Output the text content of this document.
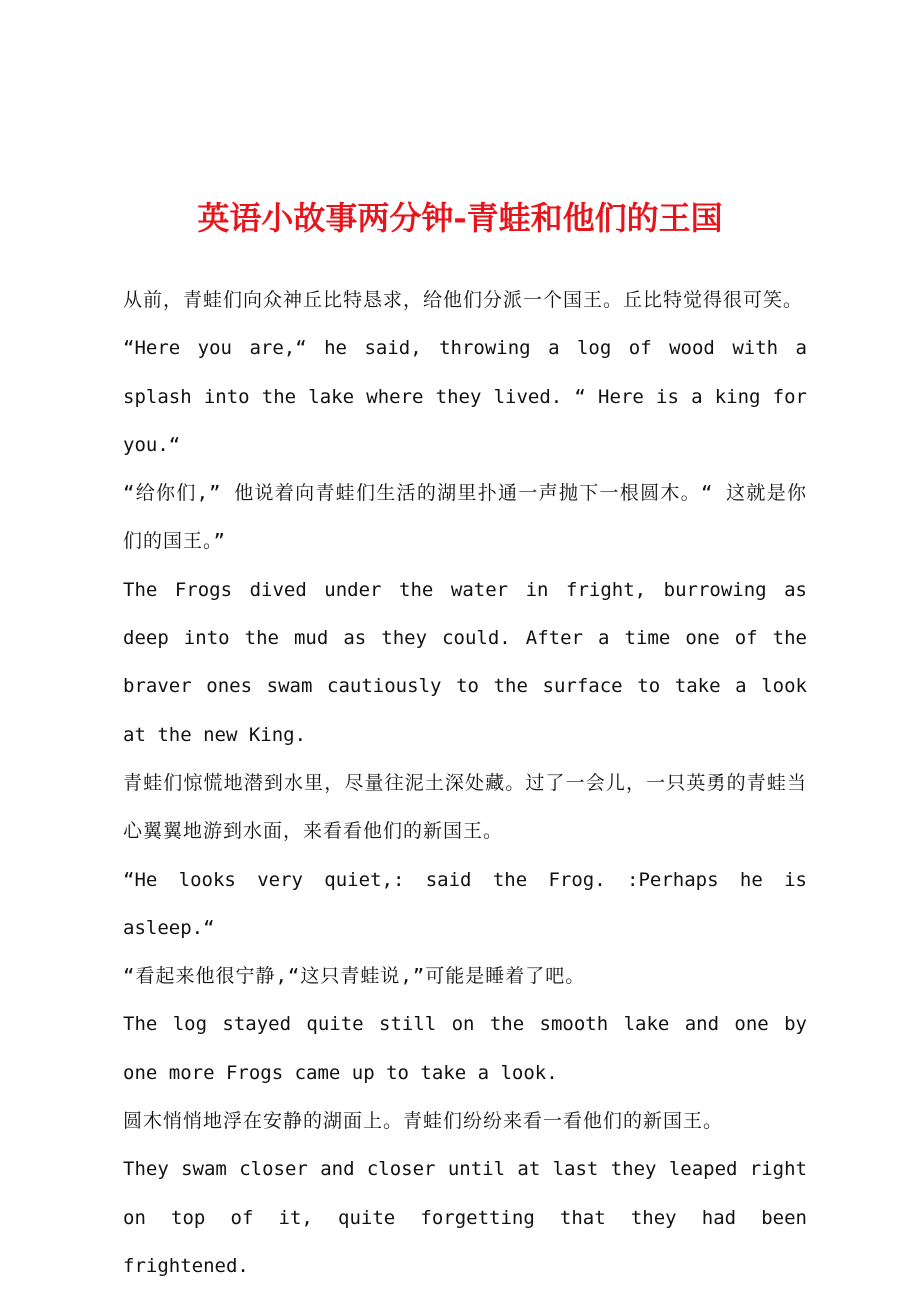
英语小故事两分钟-青蛙和他们的王国

从前，青蛙们向众神丘比特恳求，给他们分派一个国王。丘比特觉得很可笑。

“Here you are,“ he said, throwing a log of wood with a splash into the lake where they lived. “ Here is a king for you.“

“给你们,” 他说着向青蛙们生活的湖里扑通一声抛下一根圆木。“ 这就是你们的国王。”

The Frogs dived under the water in fright, burrowing as deep into the mud as they could. After a time one of the braver ones swam cautiously to the surface to take a look at the new King.

青蛙们惊慌地潜到水里，尽量往泥土深处藏。过了一会儿，一只英勇的青蛙当心翼翼地游到水面，来看看他们的新国王。

“He looks very quiet,: said the Frog. :Perhaps he is asleep.“

“看起来他很宁静,“这只青蛙说,”可能是睡着了吧。

The log stayed quite still on the smooth lake and one by one more Frogs came up to take a look.

圆木悄悄地浮在安静的湖面上。青蛙们纷纷来看一看他们的新国王。

They swam closer and closer until at last they leaped right on top of it, quite forgetting that they had been frightened.
